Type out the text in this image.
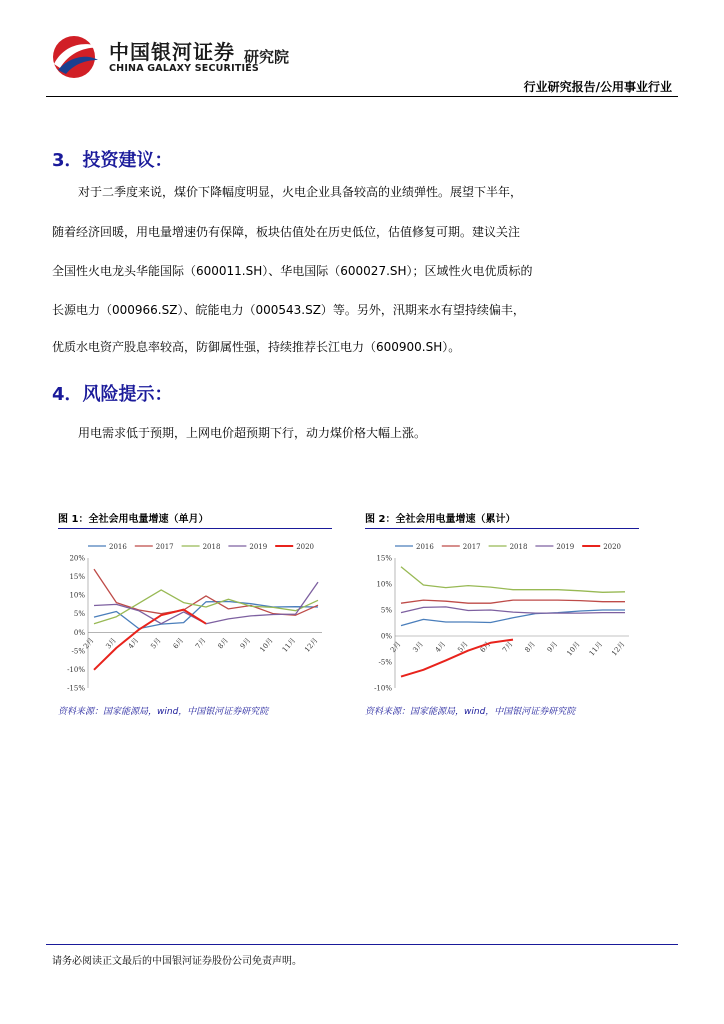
中国银河证券
CHINA GALAXY SECURITIES
研究院
行业研究报告/公用事业行业
3．投资建议：
对于二季度来说，煤价下降幅度明显，火电企业具备较高的业绩弹性。展望下半年，
随着经济回暖，用电量增速仍有保障，板块估值处在历史低位，估值修复可期。建议关注
全国性火电龙头华能国际（600011.SH）、华电国际（600027.SH）；区域性火电优质标的
长源电力（000966.SZ）、皖能电力（000543.SZ）等。另外，汛期来水有望持续偏丰，
优质水电资产股息率较高，防御属性强，持续推荐长江电力（600900.SH）。
4．风险提示：
用电需求低于预期，上网电价超预期下行，动力煤价格大幅上涨。
图 1：全社会用电量增速（单月）
2016	2017	2018	2019	2020
20%
15%
10%
5%
0%
-5%
-10%
-15%
2月 3月 4月 5月 6月 7月 8月 9月 10月 11月 12月
资料来源：国家能源局，wind，中国银河证券研究院
图 2：全社会用电量增速（累计）
2016	2017	2018	2019	2020
15%
10%
5%
0%
-5%
-10%
2月 3月 4月 5月 6月 7月 8月 9月 10月 11月 12月
资料来源：国家能源局，wind，中国银河证券研究院
请务必阅读正文最后的中国银河证券股份公司免责声明。
